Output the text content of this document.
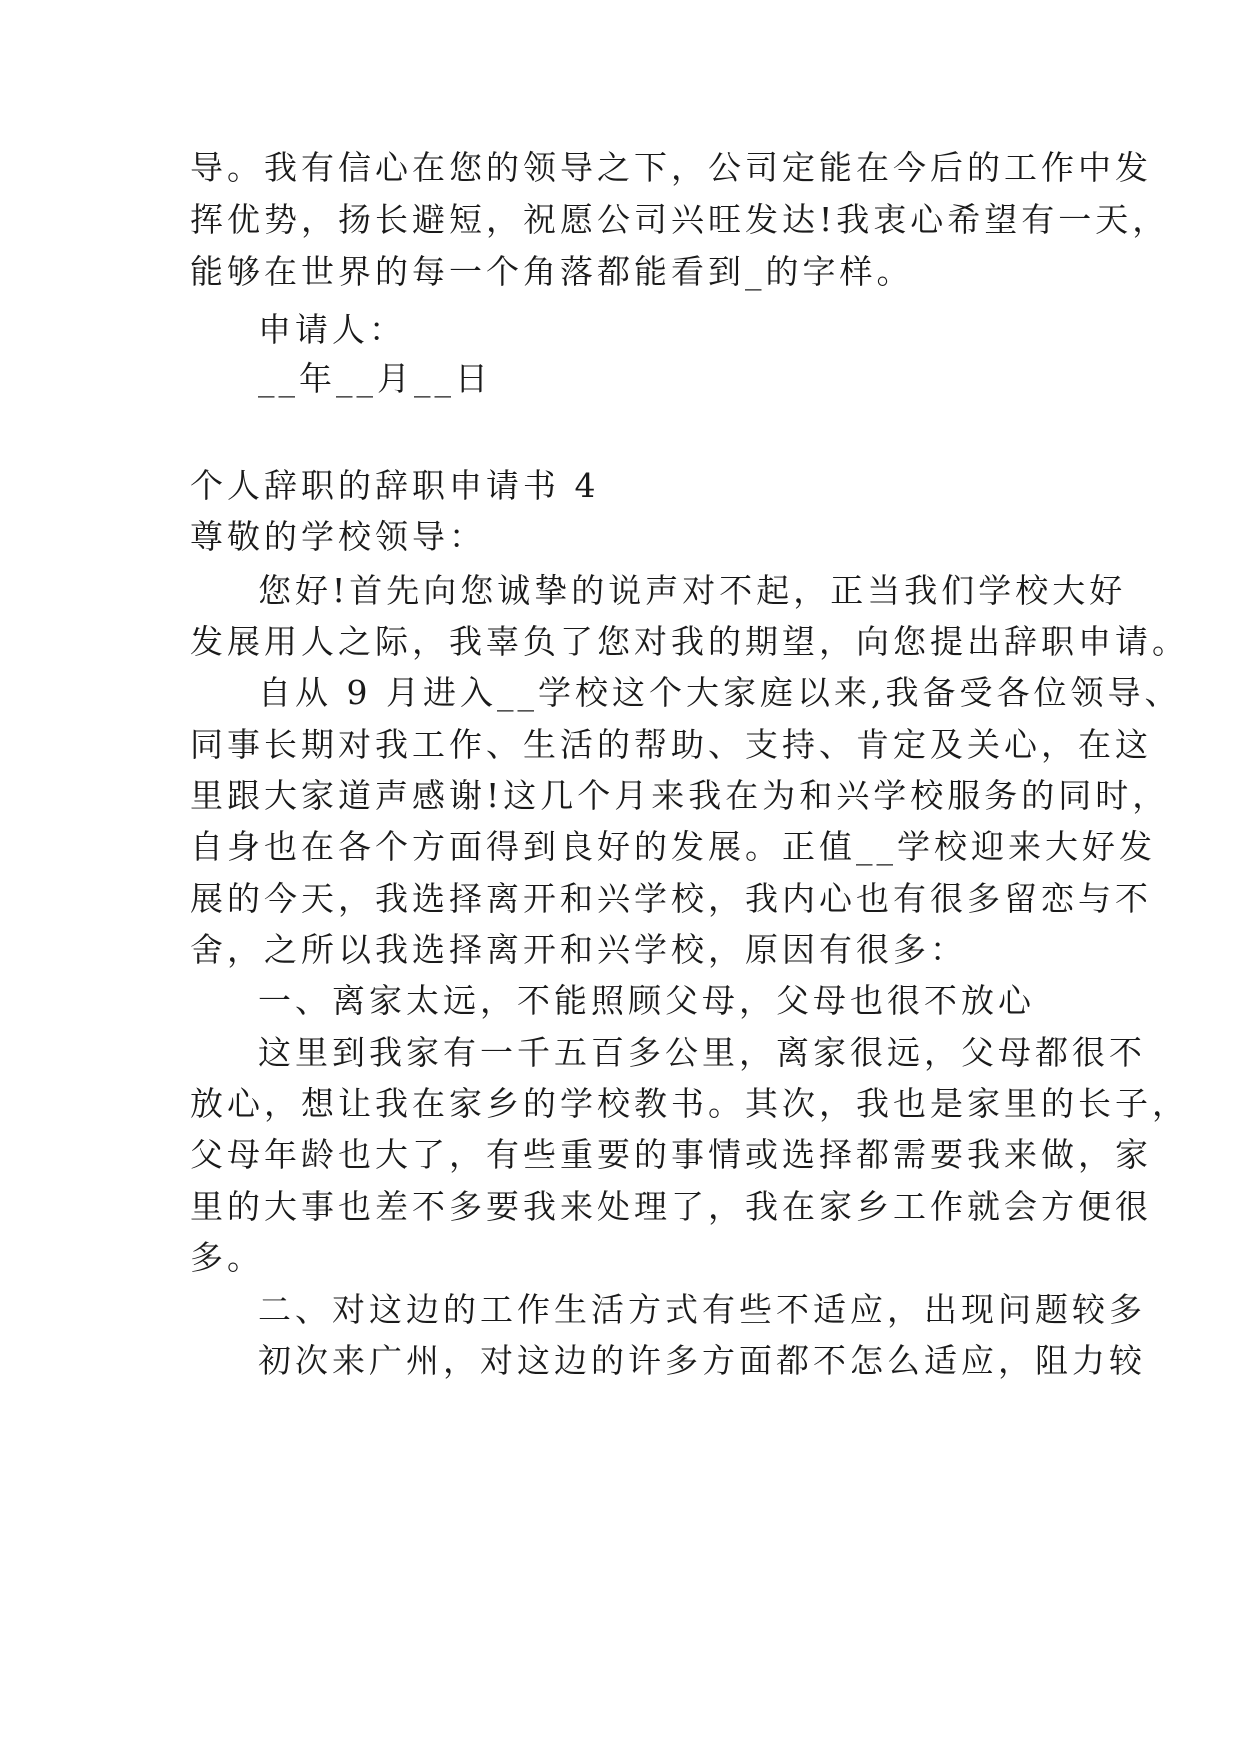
导。我有信心在您的领导之下，公司定能在今后的工作中发
挥优势，扬长避短，祝愿公司兴旺发达!我衷心希望有一天，
能够在世界的每一个角落都能看到_的字样。
申请人：
__年__月__日
个人辞职的辞职申请书 4
尊敬的学校领导：
您好!首先向您诚挚的说声对不起，正当我们学校大好
发展用人之际，我辜负了您对我的期望，向您提出辞职申请。
自从 9 月进入__学校这个大家庭以来,我备受各位领导、
同事长期对我工作、生活的帮助、支持、肯定及关心，在这
里跟大家道声感谢!这几个月来我在为和兴学校服务的同时，
自身也在各个方面得到良好的发展。正值__学校迎来大好发
展的今天，我选择离开和兴学校，我内心也有很多留恋与不
舍，之所以我选择离开和兴学校，原因有很多：
一、离家太远，不能照顾父母，父母也很不放心
这里到我家有一千五百多公里，离家很远，父母都很不
放心，想让我在家乡的学校教书。其次，我也是家里的长子，
父母年龄也大了，有些重要的事情或选择都需要我来做，家
里的大事也差不多要我来处理了，我在家乡工作就会方便很
多。
二、对这边的工作生活方式有些不适应，出现问题较多
初次来广州，对这边的许多方面都不怎么适应，阻力较
